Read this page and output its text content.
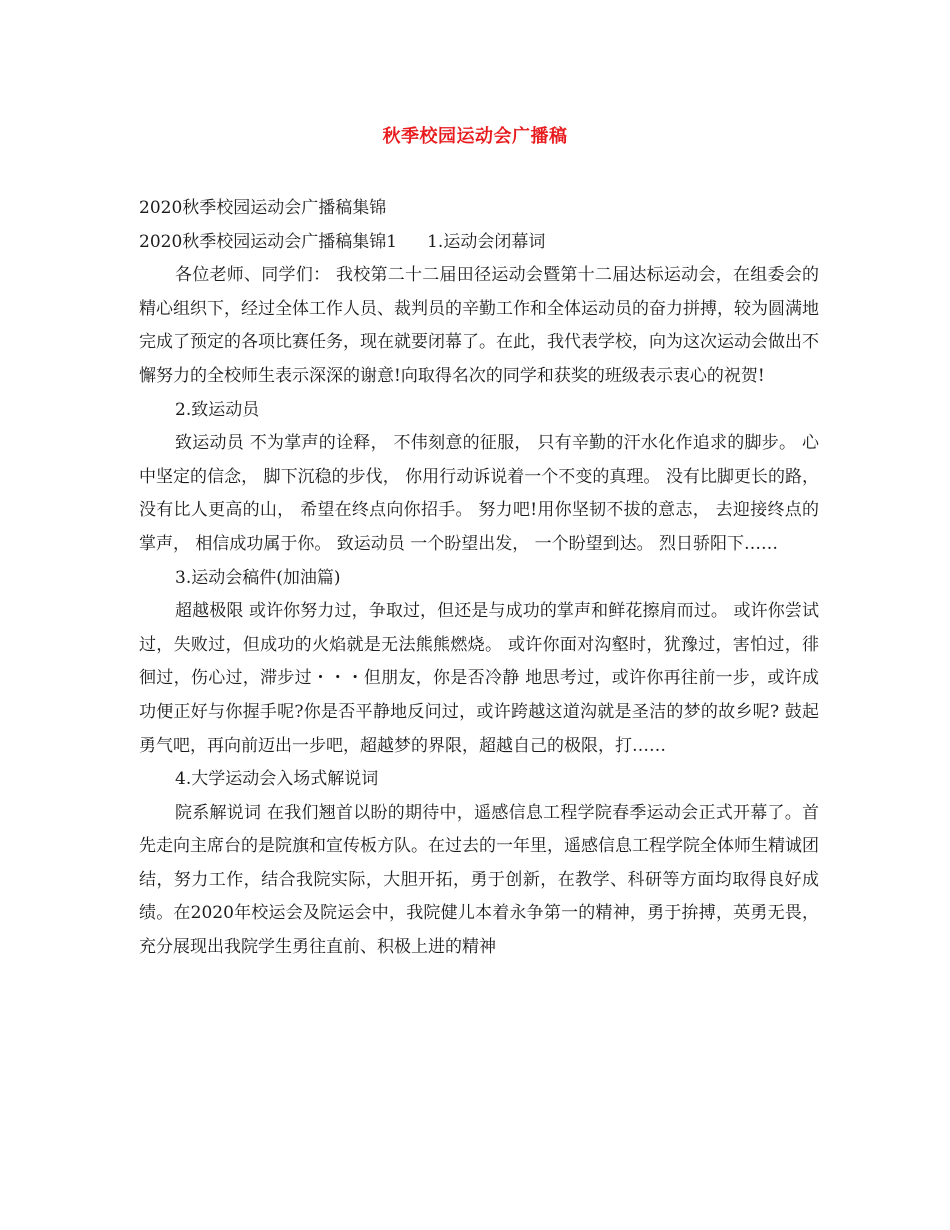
秋季校园运动会广播稿

2020秋季校园运动会广播稿集锦

2020秋季校园运动会广播稿集锦1 1.运动会闭幕词

各位老师、同学们： 我校第二十二届田径运动会暨第十二届达标运动会，在组委会的精心组织下，经过全体工作人员、裁判员的辛勤工作和全体运动员的奋力拼搏，较为圆满地完成了预定的各项比赛任务，现在就要闭幕了。在此，我代表学校，向为这次运动会做出不懈努力的全校师生表示深深的谢意!向取得名次的同学和获奖的班级表示衷心的祝贺!

2.致运动员

致运动员 不为掌声的诠释， 不伟刻意的征服， 只有辛勤的汗水化作追求的脚步。 心中坚定的信念， 脚下沉稳的步伐， 你用行动诉说着一个不变的真理。 没有比脚更长的路， 没有比人更高的山， 希望在终点向你招手。 努力吧!用你坚韧不拔的意志， 去迎接终点的掌声， 相信成功属于你。 致运动员 一个盼望出发， 一个盼望到达。 烈日骄阳下……

3.运动会稿件(加油篇)

超越极限 或许你努力过，争取过，但还是与成功的掌声和鲜花擦肩而过。 或许你尝试过，失败过，但成功的火焰就是无法熊熊燃烧。 或许你面对沟壑时，犹豫过，害怕过，徘徊过，伤心过，滞步过・・・但朋友，你是否冷静 地思考过，或许你再往前一步，或许成功便正好与你握手呢?你是否平静地反问过，或许跨越这道沟就是圣洁的梦的故乡呢? 鼓起勇气吧，再向前迈出一步吧，超越梦的界限，超越自己的极限，打……

4.大学运动会入场式解说词

院系解说词 在我们翘首以盼的期待中，遥感信息工程学院春季运动会正式开幕了。首先走向主席台的是院旗和宣传板方队。在过去的一年里，遥感信息工程学院全体师生精诚团结，努力工作，结合我院实际，大胆开拓，勇于创新，在教学、科研等方面均取得良好成绩。在2020年校运会及院运会中，我院健儿本着永争第一的精神，勇于拚搏，英勇无畏，充分展现出我院学生勇往直前、积极上进的精神
